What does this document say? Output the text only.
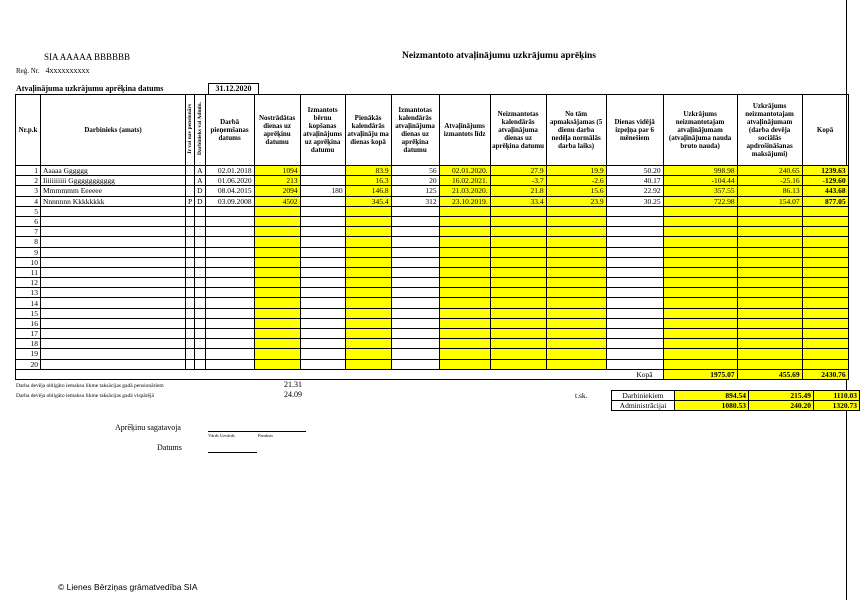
SIA AAAAA BBBBBB
Reģ. Nr. 4xxxxxxxxxx
Neizmantoto atvaļinājumu uzkrājumu aprēķins
Atvaļinājuma uzkrājumu aprēķina datums	31.12.2020
Nr.p.k	Darbinieks (amats)	Ir vai nav pensionārs	Darbinieks vai Admin.	Darbā pieņemšanas datums	Nostrādātas dienas uz aprēķinu datumu	Izmantots bērnu kopšanas atvaļinājums uz aprēķina datumu	Pienākās kalendārās atvaļināju ma dienas kopā	Izmantotas kalendārās atvaļinājuma dienas uz aprēķina datumu	Atvaļinājums izmantots līdz	Neizmantotas kalendārās atvaļinājuma dienas uz aprēķina datumu	No tām apmaksājamas (5 dienu darba nedēļa normālās darba laiks)	Dienas vidējā izpeļņa par 6 mēnešiem	Uzkrājums neizmantotajam atvaļinājumam (atvaļinājuma nauda bruto nauda)	Uzkrājums neizmantotajam atvaļinājumam (darba devēja sociālās apdrošināšanas maksājumi)	Kopā
1	Aaaaa Gggggg		A	02.01.2018	1094		83.9	56	02.01.2020.	27.9	19.9	50.20	998.98	240.65	1239.63
2	Iiiiiiiiiii Gggggggggggg		A	01.06.2020	213		16.3	20	16.02.2021.	-3.7	-2.6	40.17	-104.44	-25.16	-129.60
3	Mmmmmm Eeeeee		D	08.04.2015	2094	180	146.8	125	21.03.2020.	21.8	15.6	22.92	357.55	86.13	443.68
4	Nnnnnnn Kkkkkkkk	P	D	03.09.2008	4502		345.4	312	23.10.2019.	33.4	23.9	30.25	722.98	154.07	877.05
5															
6															
7															
8															
9															
10															
11															
12															
13															
14															
15															
16															
17															
18															
19															
20															
Kopā													1975.07	455.69	2430.76
Darba devēja obligāto iemaksu likme taksācijas gadā pensionāriem	21.31
Darba devēja obligāto iemaksu likme taksācijas gadā vispārējā	24.09	t.sk.	Darbiniekiem	894.54	215.49	1110.03
Administrācijai	1080.53	240.20	1320.73
Aprēķinu sagatavoja
Vārds Uzvārds	Paraksts
Datums
© Lienes Bērziņas grāmatvedība SIA
